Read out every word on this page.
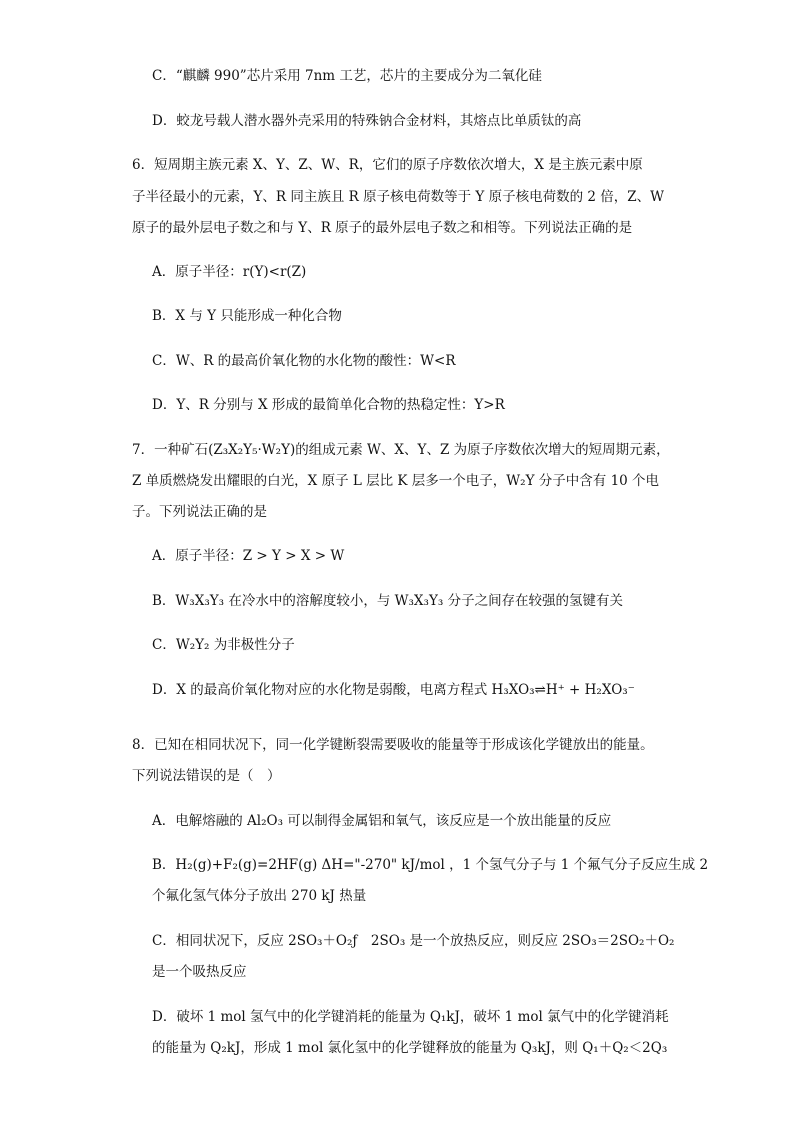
C．“麒麟 990”芯片采用 7nm 工艺，芯片的主要成分为二氧化硅
D．蛟龙号载人潜水器外壳采用的特殊钠合金材料，其熔点比单质钛的高
6．短周期主族元素 X、Y、Z、W、R，它们的原子序数依次增大，X 是主族元素中原
子半径最小的元素，Y、R 同主族且 R 原子核电荷数等于 Y 原子核电荷数的 2 倍，Z、W
原子的最外层电子数之和与 Y、R 原子的最外层电子数之和相等。下列说法正确的是
A．原子半径：r(Y)<r(Z)
B．X 与 Y 只能形成一种化合物
C．W、R 的最高价氧化物的水化物的酸性：W<R
D．Y、R 分别与 X 形成的最简单化合物的热稳定性：Y>R
7．一种矿石(Z₃X₂Y₅·W₂Y)的组成元素 W、X、Y、Z 为原子序数依次增大的短周期元素，
Z 单质燃烧发出耀眼的白光，X 原子 L 层比 K 层多一个电子，W₂Y 分子中含有 10 个电
子。下列说法正确的是
A．原子半径：Z > Y > X > W
B．W₃X₃Y₃ 在冷水中的溶解度较小，与 W₃X₃Y₃ 分子之间存在较强的氢键有关
C．W₂Y₂ 为非极性分子
D．X 的最高价氧化物对应的水化物是弱酸，电离方程式 H₃XO₃⇌H⁺ + H₂XO₃⁻
8．已知在相同状况下，同一化学键断裂需要吸收的能量等于形成该化学键放出的能量。
下列说法错误的是（　）
A．电解熔融的 Al₂O₃ 可以制得金属铝和氧气，该反应是一个放出能量的反应
B．H₂(g)+F₂(g)=2HF(g) ΔH="-270" kJ/mol ，1 个氢气分子与 1 个氟气分子反应生成 2
个氟化氢气体分子放出 270 kJ 热量
C．相同状况下，反应 2SO₃＋O₂ƒ　2SO₃ 是一个放热反应，则反应 2SO₃＝2SO₂＋O₂
是一个吸热反应
D．破坏 1 mol 氢气中的化学键消耗的能量为 Q₁kJ，破坏 1 mol 氯气中的化学键消耗
的能量为 Q₂kJ，形成 1 mol 氯化氢中的化学键释放的能量为 Q₃kJ，则 Q₁＋Q₂＜2Q₃
